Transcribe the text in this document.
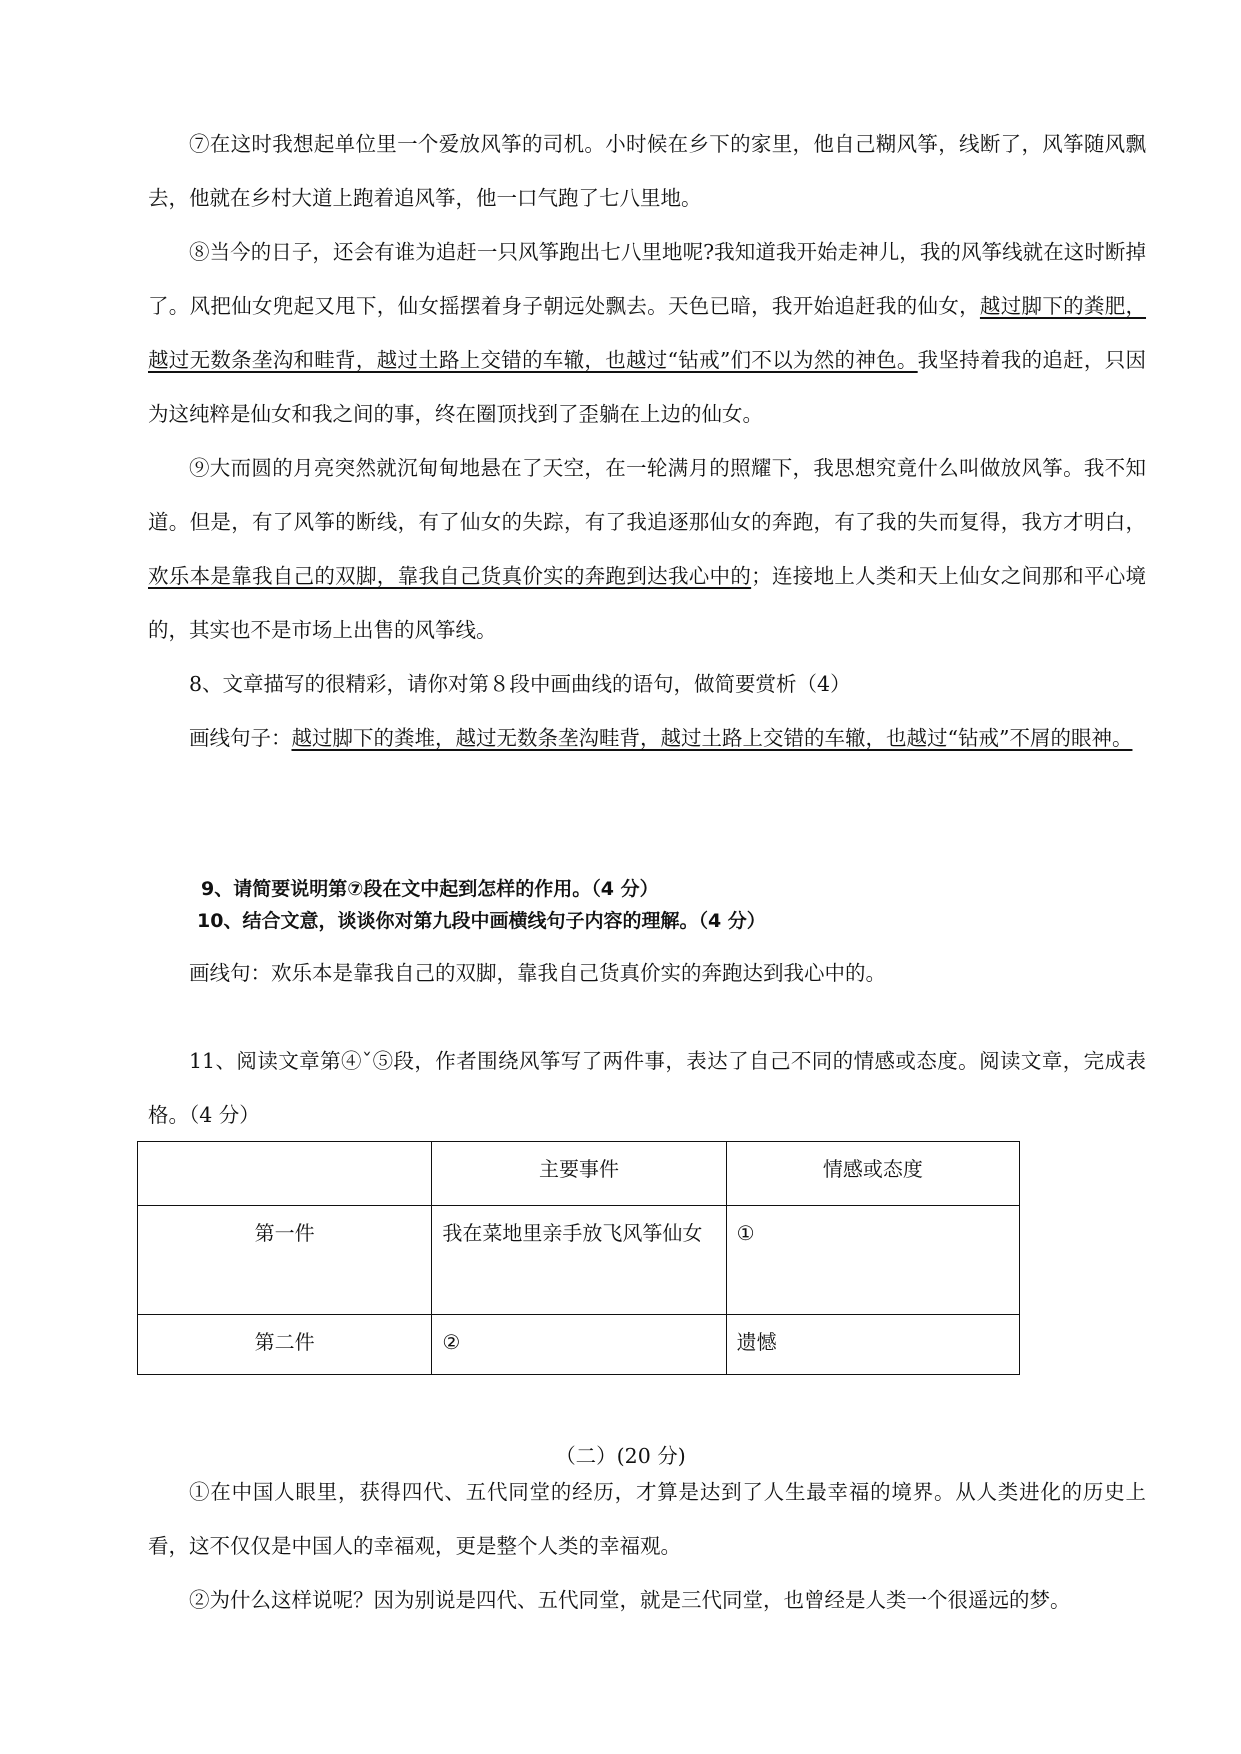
⑦在这时我想起单位里一个爱放风筝的司机。小时候在乡下的家里，他自己糊风筝，线断了，风筝随风飘去，他就在乡村大道上跑着追风筝，他一口气跑了七八里地。

⑧当今的日子，还会有谁为追赶一只风筝跑出七八里地呢?我知道我开始走神儿，我的风筝线就在这时断掉了。风把仙女兜起又甩下，仙女摇摆着身子朝远处飘去。天色已暗，我开始追赶我的仙女，越过脚下的粪肥，越过无数条垄沟和畦背，越过土路上交错的车辙，也越过“钻戒”们不以为然的神色。我坚持着我的追赶，只因为这纯粹是仙女和我之间的事，终在圈顶找到了歪躺在上边的仙女。

⑨大而圆的月亮突然就沉甸甸地悬在了天空，在一轮满月的照耀下，我思想究竟什么叫做放风筝。我不知道。但是，有了风筝的断线，有了仙女的失踪，有了我追逐那仙女的奔跑，有了我的失而复得，我方才明白，欢乐本是靠我自己的双脚，靠我自己货真价实的奔跑到达我心中的；连接地上人类和天上仙女之间那和平心境的，其实也不是市场上出售的风筝线。

8、文章描写的很精彩，请你对第８段中画曲线的语句，做简要赏析（4）

画线句子：越过脚下的粪堆，越过无数条垄沟畦背，越过土路上交错的车辙，也越过“钻戒”不屑的眼神。

9、请简要说明第⑦段在文中起到怎样的作用。（4 分）

10、结合文意，谈谈你对第九段中画横线句子内容的理解。（4 分）

画线句：欢乐本是靠我自己的双脚，靠我自己货真价实的奔跑达到我心中的。

11、阅读文章第④ˇ⑤段，作者围绕风筝写了两件事，表达了自己不同的情感或态度。阅读文章，完成表格。（4 分）

	主要事件	情感或态度

第一件	我在菜地里亲手放飞风筝仙女	①

第二件	②	遗憾

（二）(20 分)

①在中国人眼里，获得四代、五代同堂的经历，才算是达到了人生最幸福的境界。从人类进化的历史上看，这不仅仅是中国人的幸福观，更是整个人类的幸福观。

②为什么这样说呢？因为别说是四代、五代同堂，就是三代同堂，也曾经是人类一个很遥远的梦。
